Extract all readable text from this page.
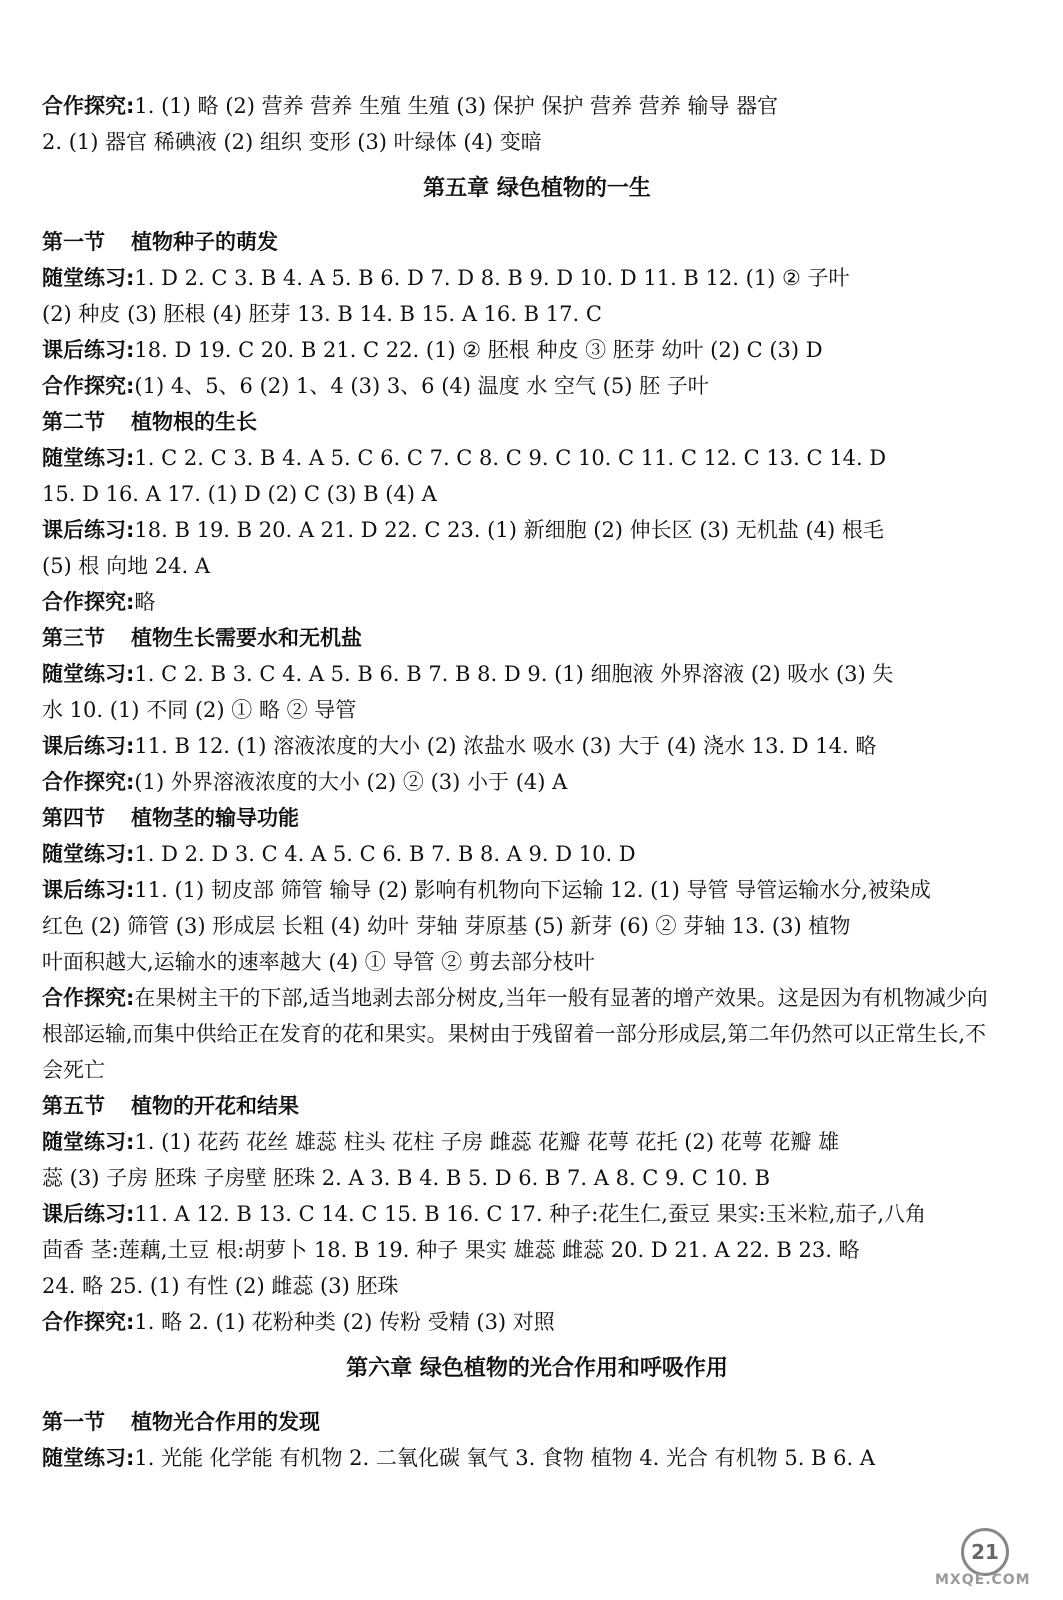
合作探究:1. (1) 略 (2) 营养 营养 生殖 生殖 (3) 保护 保护 营养 营养 输导 器官
2. (1) 器官 稀碘液 (2) 组织 变形 (3) 叶绿体 (4) 变暗
第五章 绿色植物的一生
第一节 植物种子的萌发
随堂练习:1. D 2. C 3. B 4. A 5. B 6. D 7. D 8. B 9. D 10. D 11. B 12. (1) ② 子叶
(2) 种皮 (3) 胚根 (4) 胚芽 13. B 14. B 15. A 16. B 17. C
课后练习:18. D 19. C 20. B 21. C 22. (1) ② 胚根 种皮 ③ 胚芽 幼叶 (2) C (3) D
合作探究:(1) 4、5、6 (2) 1、4 (3) 3、6 (4) 温度 水 空气 (5) 胚 子叶
第二节 植物根的生长
随堂练习:1. C 2. C 3. B 4. A 5. C 6. C 7. C 8. C 9. C 10. C 11. C 12. C 13. C 14. D
15. D 16. A 17. (1) D (2) C (3) B (4) A
课后练习:18. B 19. B 20. A 21. D 22. C 23. (1) 新细胞 (2) 伸长区 (3) 无机盐 (4) 根毛
(5) 根 向地 24. A
合作探究:略
第三节 植物生长需要水和无机盐
随堂练习:1. C 2. B 3. C 4. A 5. B 6. B 7. B 8. D 9. (1) 细胞液 外界溶液 (2) 吸水 (3) 失
水 10. (1) 不同 (2) ① 略 ② 导管
课后练习:11. B 12. (1) 溶液浓度的大小 (2) 浓盐水 吸水 (3) 大于 (4) 浇水 13. D 14. 略
合作探究:(1) 外界溶液浓度的大小 (2) ② (3) 小于 (4) A
第四节 植物茎的输导功能
随堂练习:1. D 2. D 3. C 4. A 5. C 6. B 7. B 8. A 9. D 10. D
课后练习:11. (1) 韧皮部 筛管 输导 (2) 影响有机物向下运输 12. (1) 导管 导管运输水分,被染成
红色 (2) 筛管 (3) 形成层 长粗 (4) 幼叶 芽轴 芽原基 (5) 新芽 (6) ② 芽轴 13. (3) 植物
叶面积越大,运输水的速率越大 (4) ① 导管 ② 剪去部分枝叶
合作探究:在果树主干的下部,适当地剥去部分树皮,当年一般有显著的增产效果。这是因为有机物减少向
根部运输,而集中供给正在发育的花和果实。果树由于残留着一部分形成层,第二年仍然可以正常生长,不
会死亡
第五节 植物的开花和结果
随堂练习:1. (1) 花药 花丝 雄蕊 柱头 花柱 子房 雌蕊 花瓣 花萼 花托 (2) 花萼 花瓣 雄
蕊 (3) 子房 胚珠 子房壁 胚珠 2. A 3. B 4. B 5. D 6. B 7. A 8. C 9. C 10. B
课后练习:11. A 12. B 13. C 14. C 15. B 16. C 17. 种子:花生仁,蚕豆 果实:玉米粒,茄子,八角
茴香 茎:莲藕,土豆 根:胡萝卜 18. B 19. 种子 果实 雄蕊 雌蕊 20. D 21. A 22. B 23. 略
24. 略 25. (1) 有性 (2) 雌蕊 (3) 胚珠
合作探究:1. 略 2. (1) 花粉种类 (2) 传粉 受精 (3) 对照
第六章 绿色植物的光合作用和呼吸作用
第一节 植物光合作用的发现
随堂练习:1. 光能 化学能 有机物 2. 二氧化碳 氧气 3. 食物 植物 4. 光合 有机物 5. B 6. A
21
MXQE.COM
